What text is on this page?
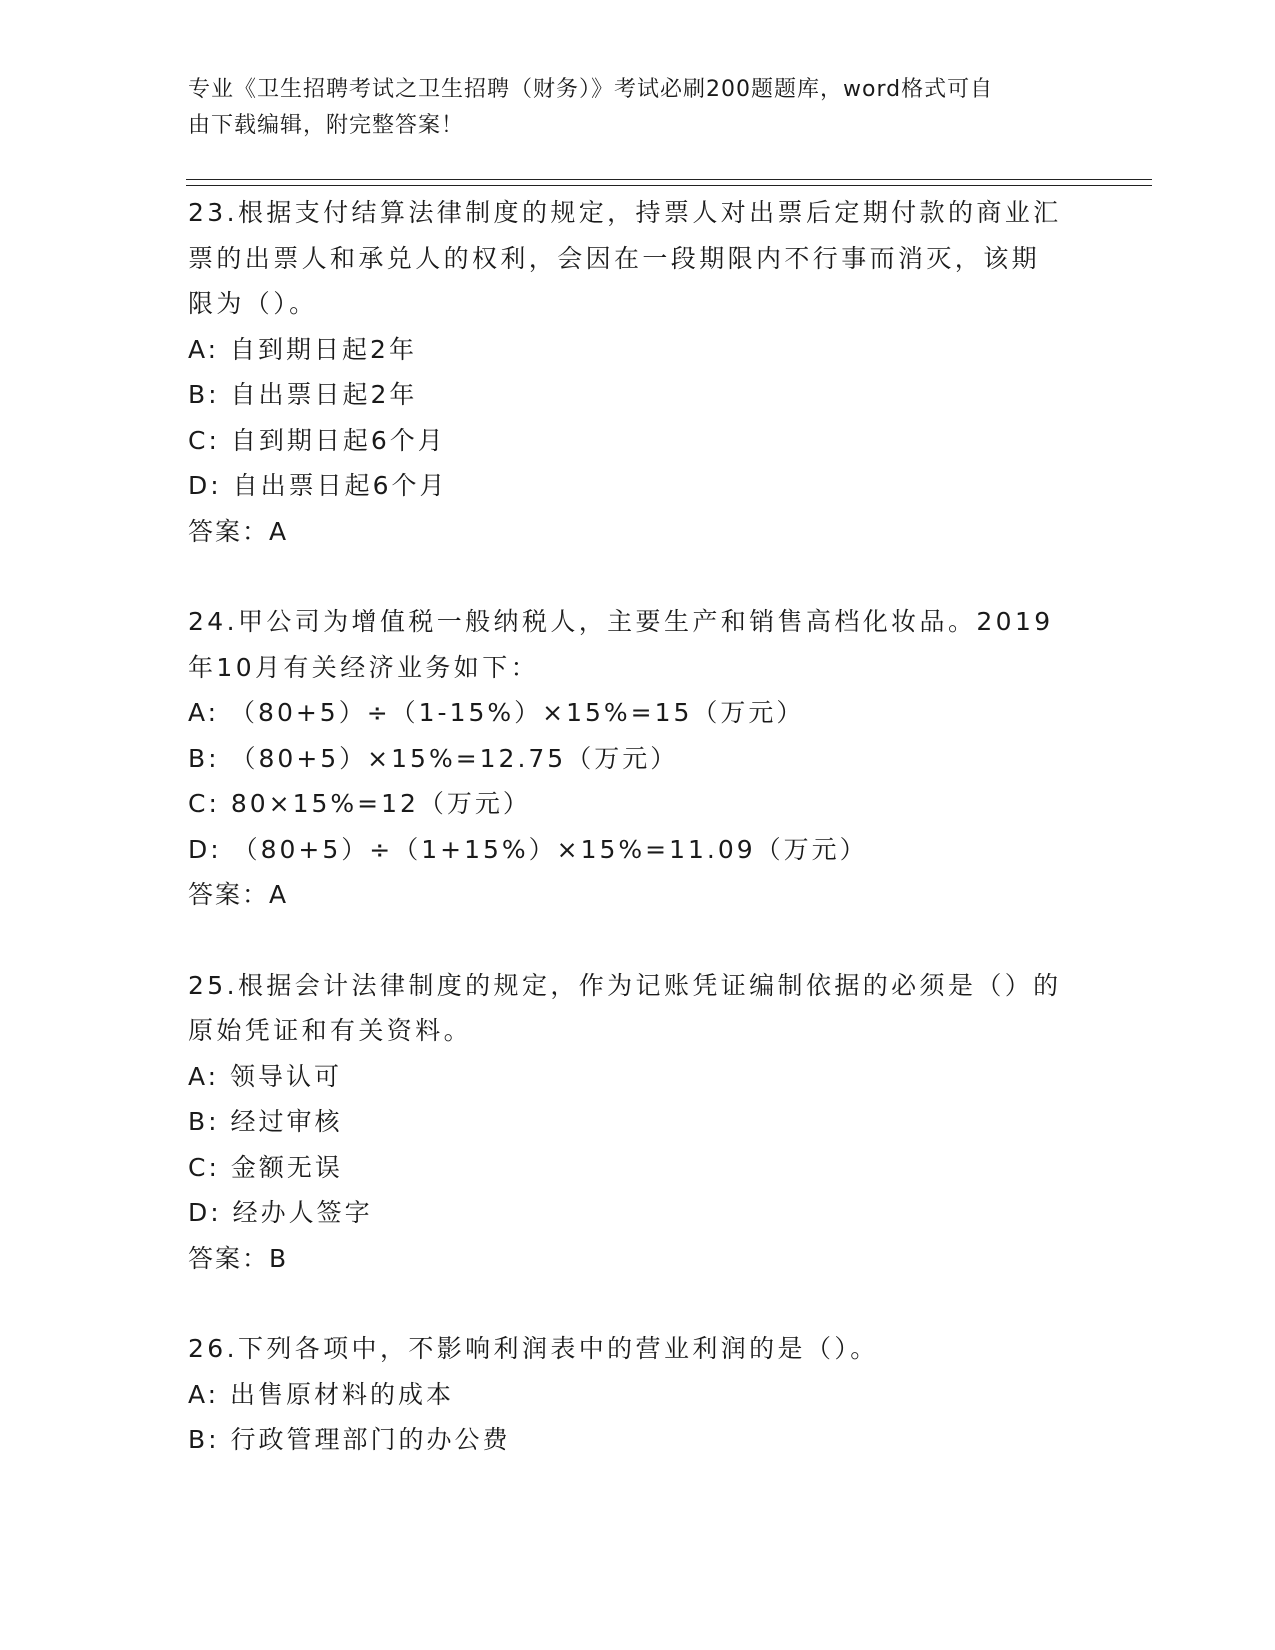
专业《卫生招聘考试之卫生招聘（财务）》考试必刷200题题库，word格式可自
由下载编辑，附完整答案！

23.根据支付结算法律制度的规定，持票人对出票后定期付款的商业汇

票的出票人和承兑人的权利，会因在一段期限内不行事而消灭，该期

限为（）。

A: 自到期日起2年

B: 自出票日起2年

C: 自到期日起6个月

D: 自出票日起6个月

答案：A

24.甲公司为增值税一般纳税人，主要生产和销售高档化妆品。2019

年10月有关经济业务如下：

A: （80+5）÷（1-15%）×15%=15（万元）

B: （80+5）×15%=12.75（万元）

C: 80×15%=12（万元）

D: （80+5）÷（1+15%）×15%=11.09（万元）

答案：A

25.根据会计法律制度的规定，作为记账凭证编制依据的必须是（）的

原始凭证和有关资料。

A: 领导认可

B: 经过审核

C: 金额无误

D: 经办人签字

答案：B

26.下列各项中，不影响利润表中的营业利润的是（）。

A: 出售原材料的成本

B: 行政管理部门的办公费
